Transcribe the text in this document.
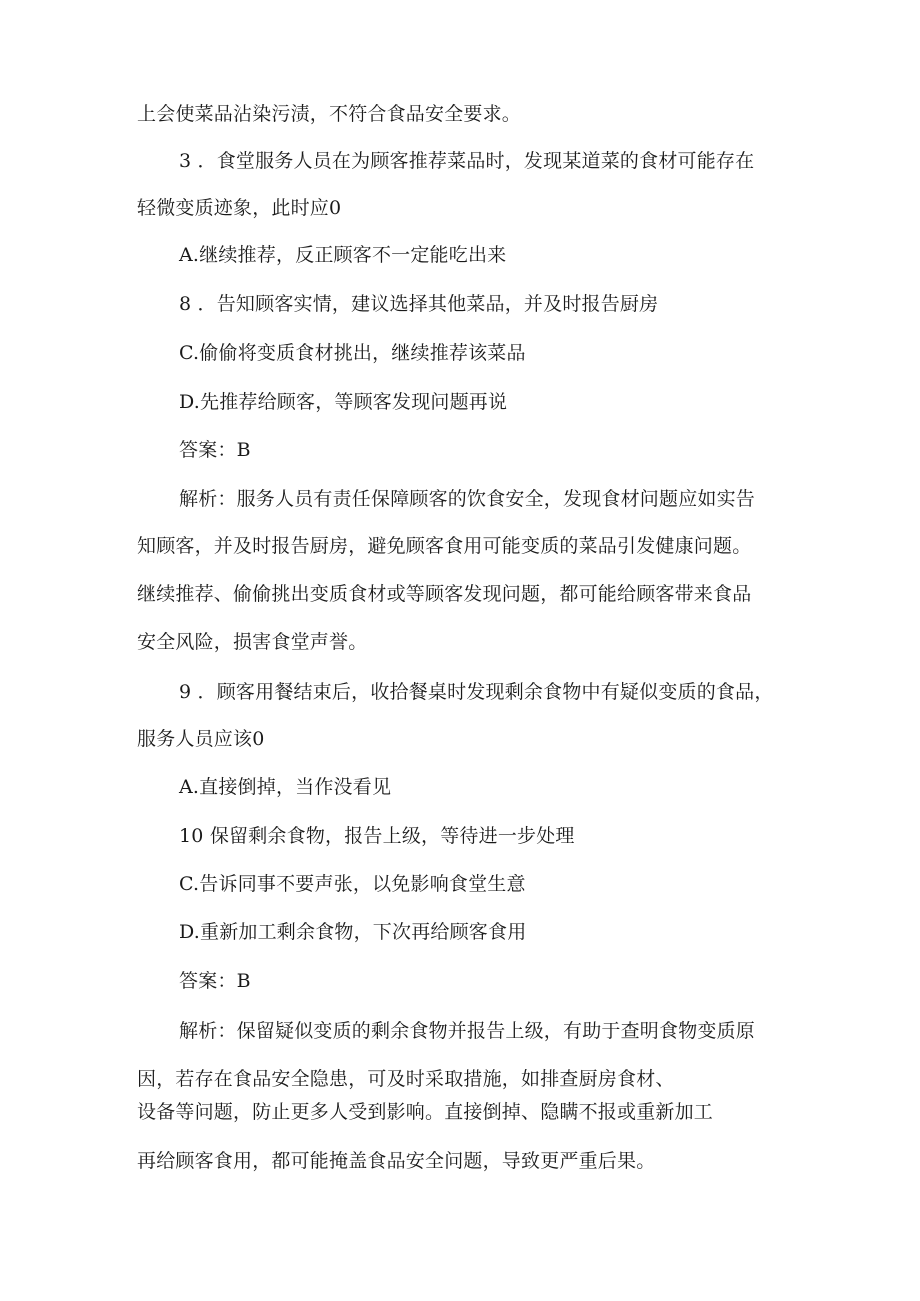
上会使菜品沾染污渍，不符合食品安全要求。
3 ．食堂服务人员在为顾客推荐菜品时，发现某道菜的食材可能存在
轻微变质迹象，此时应0
A.继续推荐，反正顾客不一定能吃出来
8 ．告知顾客实情，建议选择其他菜品，并及时报告厨房
C.偷偷将变质食材挑出，继续推荐该菜品
D.先推荐给顾客，等顾客发现问题再说
答案：B
解析：服务人员有责任保障顾客的饮食安全，发现食材问题应如实告
知顾客，并及时报告厨房，避免顾客食用可能变质的菜品引发健康问题。
继续推荐、偷偷挑出变质食材或等顾客发现问题，都可能给顾客带来食品
安全风险，损害食堂声誉。
9 ．顾客用餐结束后，收拾餐桌时发现剩余食物中有疑似变质的食品，
服务人员应该0
A.直接倒掉，当作没看见
10 保留剩余食物，报告上级，等待进一步处理
C.告诉同事不要声张，以免影响食堂生意
D.重新加工剩余食物，下次再给顾客食用
答案：B
解析：保留疑似变质的剩余食物并报告上级，有助于查明食物变质原
因，若存在食品安全隐患，可及时采取措施，如排查厨房食材、
设备等问题，防止更多人受到影响。直接倒掉、隐瞒不报或重新加工
再给顾客食用，都可能掩盖食品安全问题，导致更严重后果。
